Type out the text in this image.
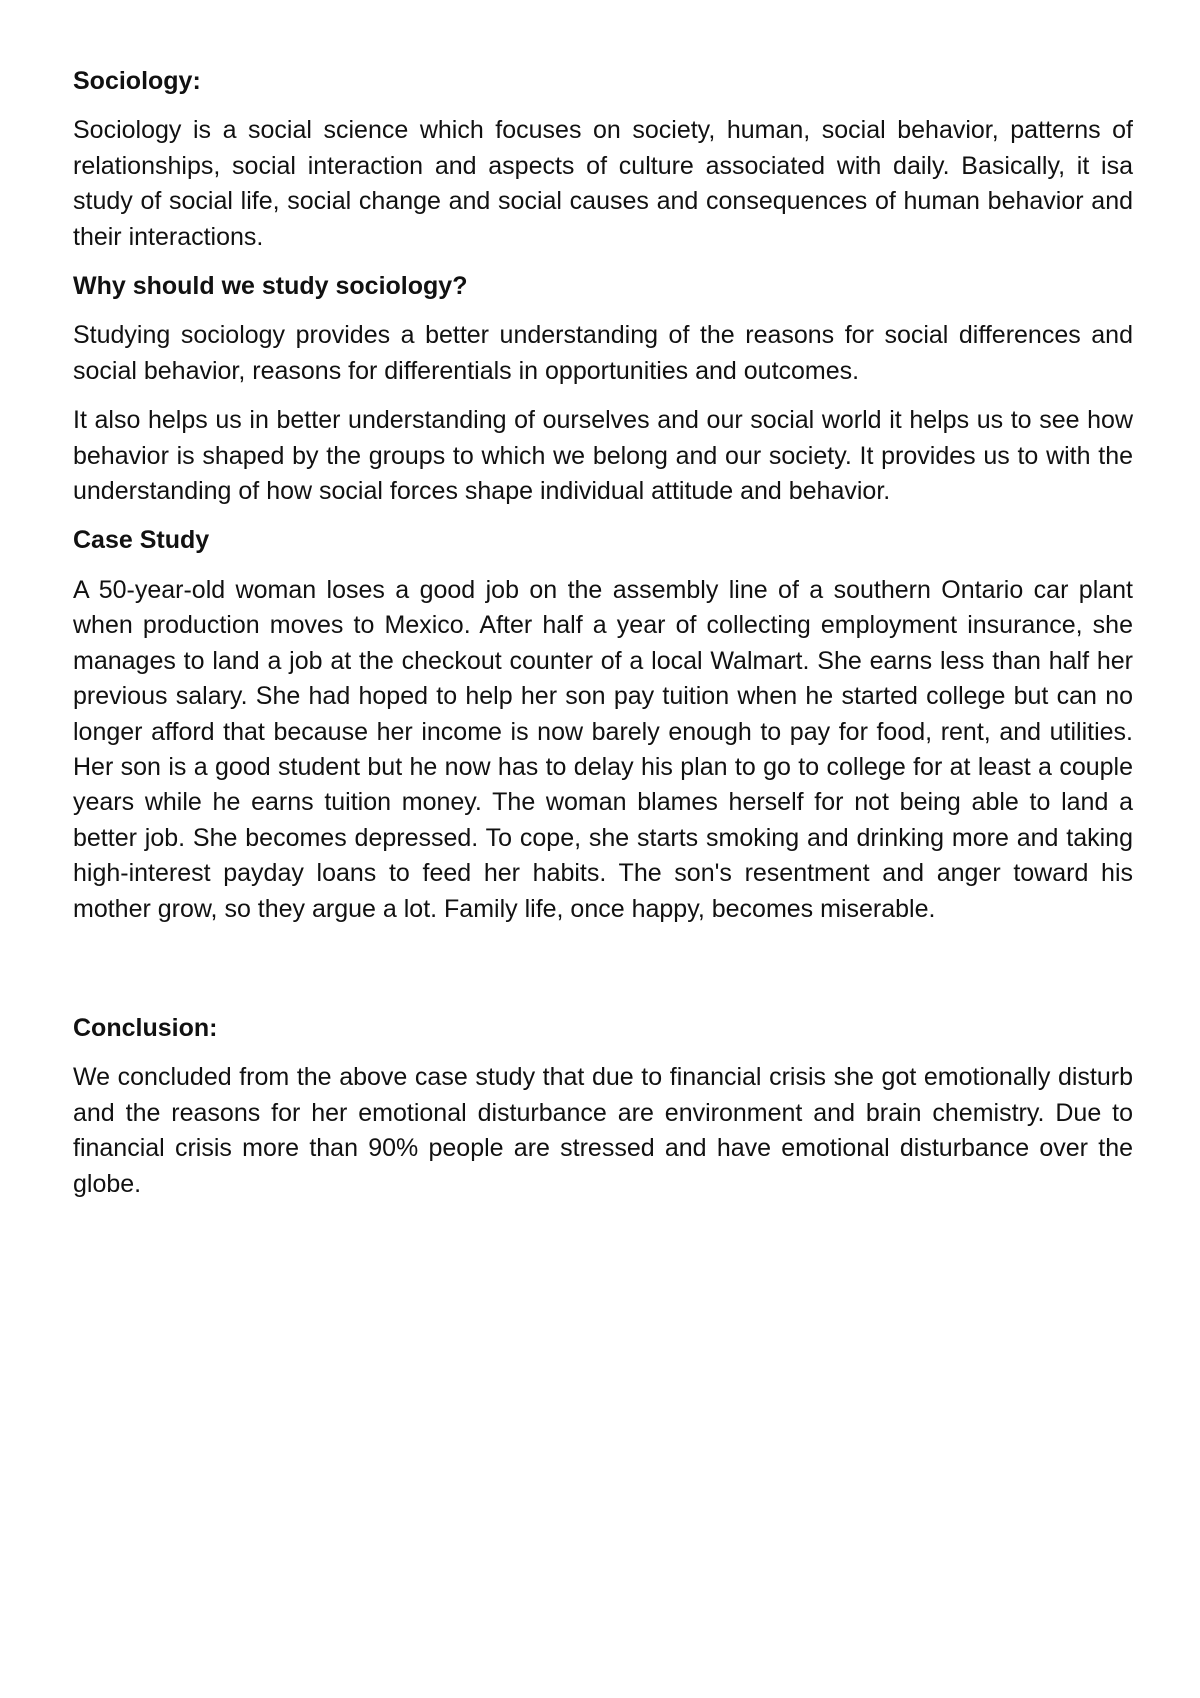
Sociology:

Sociology is a social science which focuses on society, human, social behavior, patterns of relationships, social interaction and aspects of culture associated with daily. Basically, it isa study of social life, social change and social causes and consequences of human behavior and their interactions.

Why should we study sociology?

Studying sociology provides a better understanding of the reasons for social differences and social behavior, reasons for differentials in opportunities and outcomes.

It also helps us in better understanding of ourselves and our social world it helps us to see how behavior is shaped by the groups to which we belong and our society. It provides us to with the understanding of how social forces shape individual attitude and behavior.

Case Study

A 50-year-old woman loses a good job on the assembly line of a southern Ontario car plant when production moves to Mexico. After half a year of collecting employment insurance, she manages to land a job at the checkout counter of a local Walmart. She earns less than half her previous salary. She had hoped to help her son pay tuition when he started college but can no longer afford that because her income is now barely enough to pay for food, rent, and utilities. Her son is a good student but he now has to delay his plan to go to college for at least a couple years while he earns tuition money. The woman blames herself for not being able to land a better job. She becomes depressed. To cope, she starts smoking and drinking more and taking high-interest payday loans to feed her habits. The son's resentment and anger toward his mother grow, so they argue a lot. Family life, once happy, becomes miserable.

Conclusion:

We concluded from the above case study that due to financial crisis she got emotionally disturb and the reasons for her emotional disturbance are environment and brain chemistry. Due to financial crisis more than 90% people are stressed and have emotional disturbance over the globe.
